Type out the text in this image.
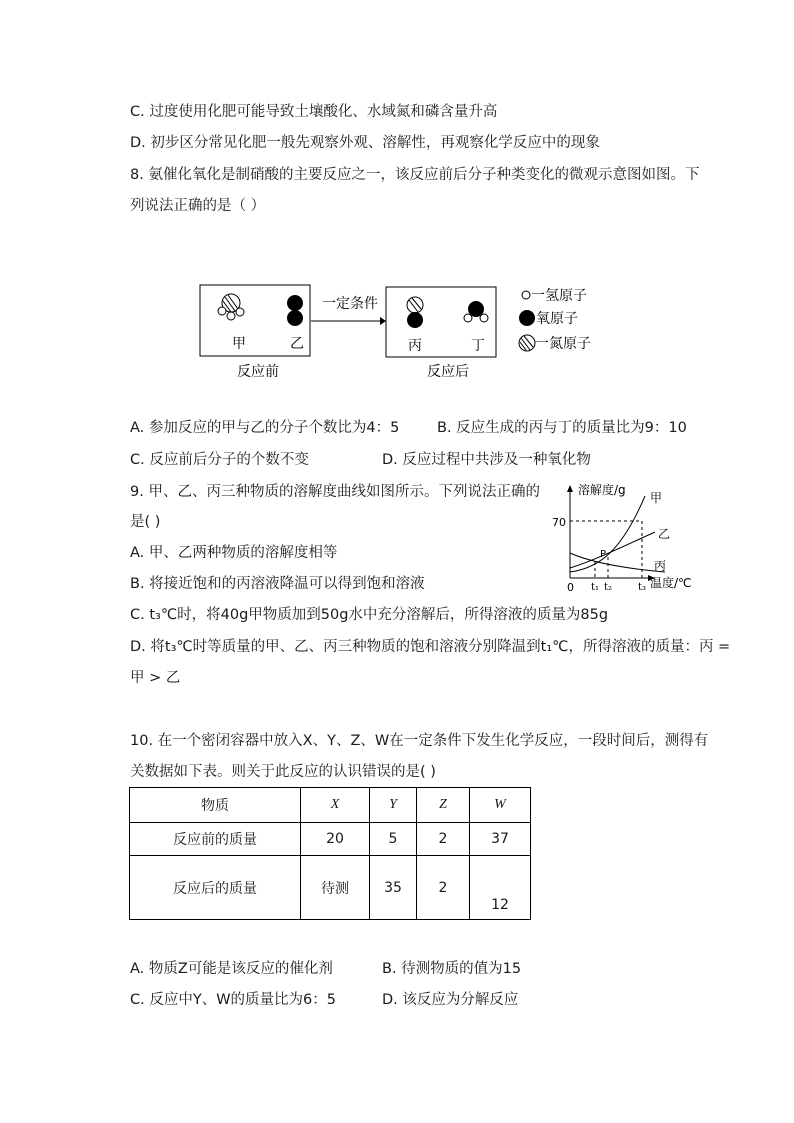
C. 过度使用化肥可能导致土壤酸化、水域氮和磷含量升高
D. 初步区分常见化肥一般先观察外观、溶解性，再观察化学反应中的现象
8. 氨催化氧化是制硝酸的主要反应之一，该反应前后分子种类变化的微观示意图如图。下
列说法正确的是（ ）
甲	乙
一定条件
丙	丁
反应前	反应后
一氢原子
氧原子
一氮原子
A. 参加反应的甲与乙的分子个数比为4：5	B. 反应生成的丙与丁的质量比为9：10
C. 反应前后分子的个数不变	D. 反应过程中共涉及一种氧化物
9. 甲、乙、丙三种物质的溶解度曲线如图所示。下列说法正确的
是( )
A. 甲、乙两种物质的溶解度相等
B. 将接近饱和的丙溶液降温可以得到饱和溶液
C. t₃℃时，将40g甲物质加到50g水中充分溶解后，所得溶液的质量为85g
D. 将t₃℃时等质量的甲、乙、丙三种物质的饱和溶液分别降温到t₁℃，所得溶液的质量：丙 =
甲 > 乙
溶解度/g
温度/℃
70
0
甲
乙
丙
P
t₁ t₂	t₃
10. 在一个密闭容器中放入X、Y、Z、W在一定条件下发生化学反应，一段时间后，测得有
关数据如下表。则关于此反应的认识错误的是( )
物质	X	Y	Z	W
反应前的质量	20	5	2	37
反应后的质量	待测	35	2	12
A. 物质Z可能是该反应的催化剂	B. 待测物质的值为15
C. 反应中Y、W的质量比为6：5	D. 该反应为分解反应
